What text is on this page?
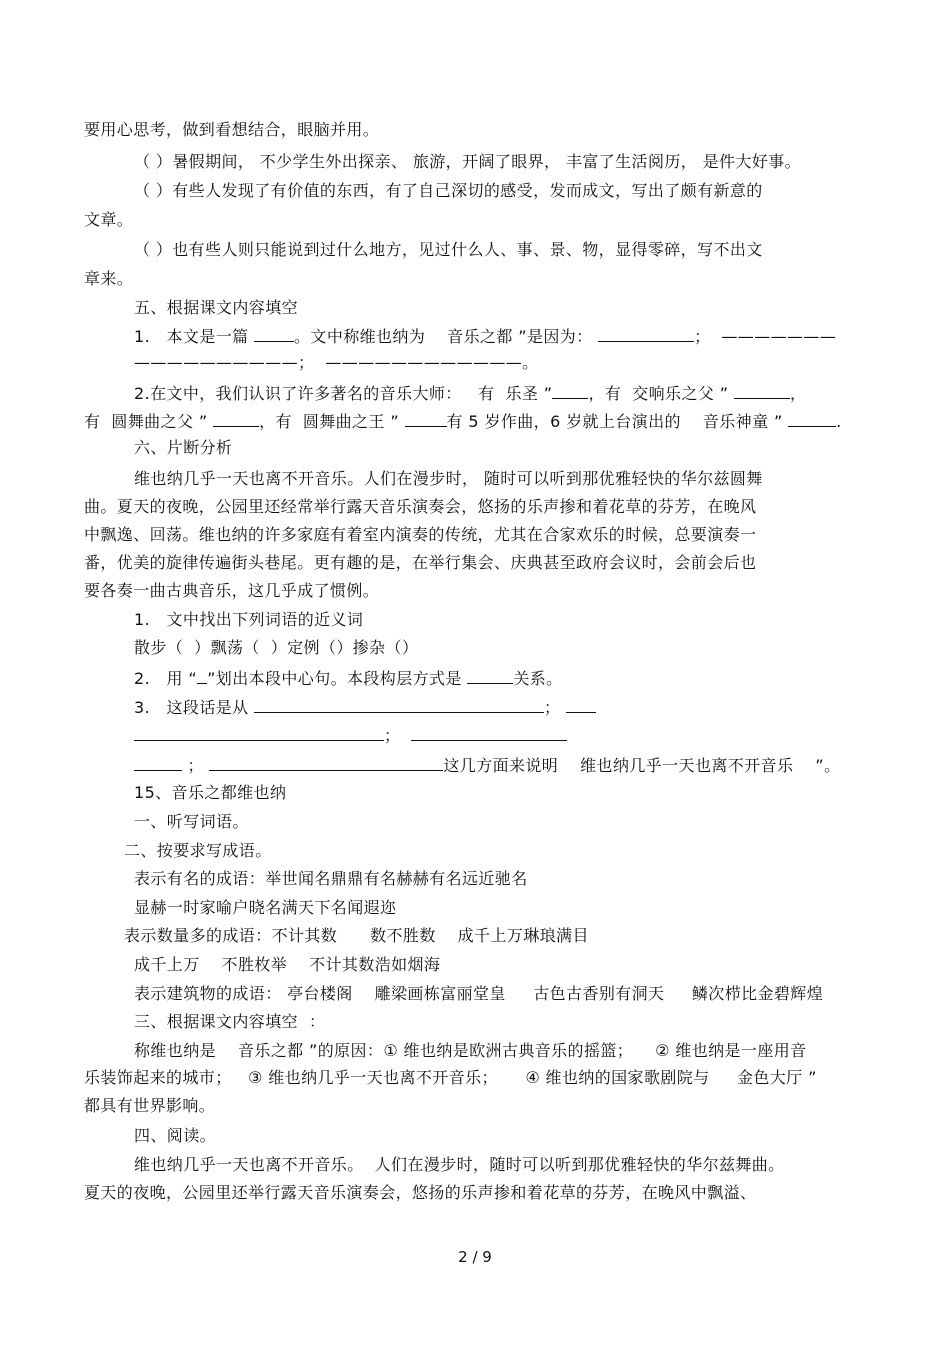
要用心思考，做到看想结合，眼脑并用。
（ ）暑假期间， 不少学生外出探亲、 旅游，开阔了眼界， 丰富了生活阅历， 是件大好事。
（ ）有些人发现了有价值的东西，有了自己深切的感受，发而成文，写出了颇有新意的
文章。
（ ）也有些人则只能说到过什么地方，见过什么人、事、景、物，显得零碎，写不出文
章来。
五、根据课文内容填空
1.   本文是一篇	。文中称维也纳为    音乐之都 ”是因为：	；  ———————
——————————；  ————————————。
2.在文中，我们认识了许多著名的音乐大师：   有  乐圣 ” ，有  交响乐之父 ”	，
有  圆舞曲之父 ”	，有  圆舞曲之王 ”	有 5 岁作曲，6 岁就上台演出的    音乐神童 ”	.
六、片断分析
维也纳几乎一天也离不开音乐。人们在漫步时， 随时可以听到那优雅轻快的华尔兹圆舞
曲。夏天的夜晚，公园里还经常举行露天音乐演奏会，悠扬的乐声掺和着花草的芬芳，在晚风
中飘逸、回荡。维也纳的许多家庭有着室内演奏的传统，尤其在合家欢乐的时候，总要演奏一
番，优美的旋律传遍街头巷尾。更有趣的是，在举行集会、庆典甚至政府会议时，会前会后也
要各奏一曲古典音乐，这几乎成了惯例。
1.   文中找出下列词语的近义词
散步（  ）飘荡（  ）定例（）掺杂（）
2.   用 “ ”划出本段中心句。本段构层方式是	关系。
3.   这段话是从	；
；
；	这几方面来说明    维也纳几乎一天也离不开音乐    ”。
15、音乐之都维也纳
一、听写词语。
二、按要求写成语。
表示有名的成语：举世闻名鼎鼎有名赫赫有名远近驰名
显赫一时家喻户晓名满天下名闻遐迩
表示数量多的成语：不计其数      数不胜数    成千上万琳琅满目
成千上万    不胜枚举    不计其数浩如烟海
表示建筑物的成语： 亭台楼阁    雕梁画栋富丽堂皇     古色古香别有洞天     鳞次栉比金碧辉煌
三、根据课文内容填空  ：
称维也纳是    音乐之都 ”的原因：① 维也纳是欧洲古典音乐的摇篮；    ② 维也纳是一座用音
乐装饰起来的城市；   ③ 维也纳几乎一天也离不开音乐；     ④ 维也纳的国家歌剧院与     金色大厅 ”
都具有世界影响。
四、阅读。
维也纳几乎一天也离不开音乐。  人们在漫步时，随时可以听到那优雅轻快的华尔兹舞曲。
夏天的夜晚，公园里还举行露天音乐演奏会，悠扬的乐声掺和着花草的芬芳，在晚风中飘溢、
2 / 9
